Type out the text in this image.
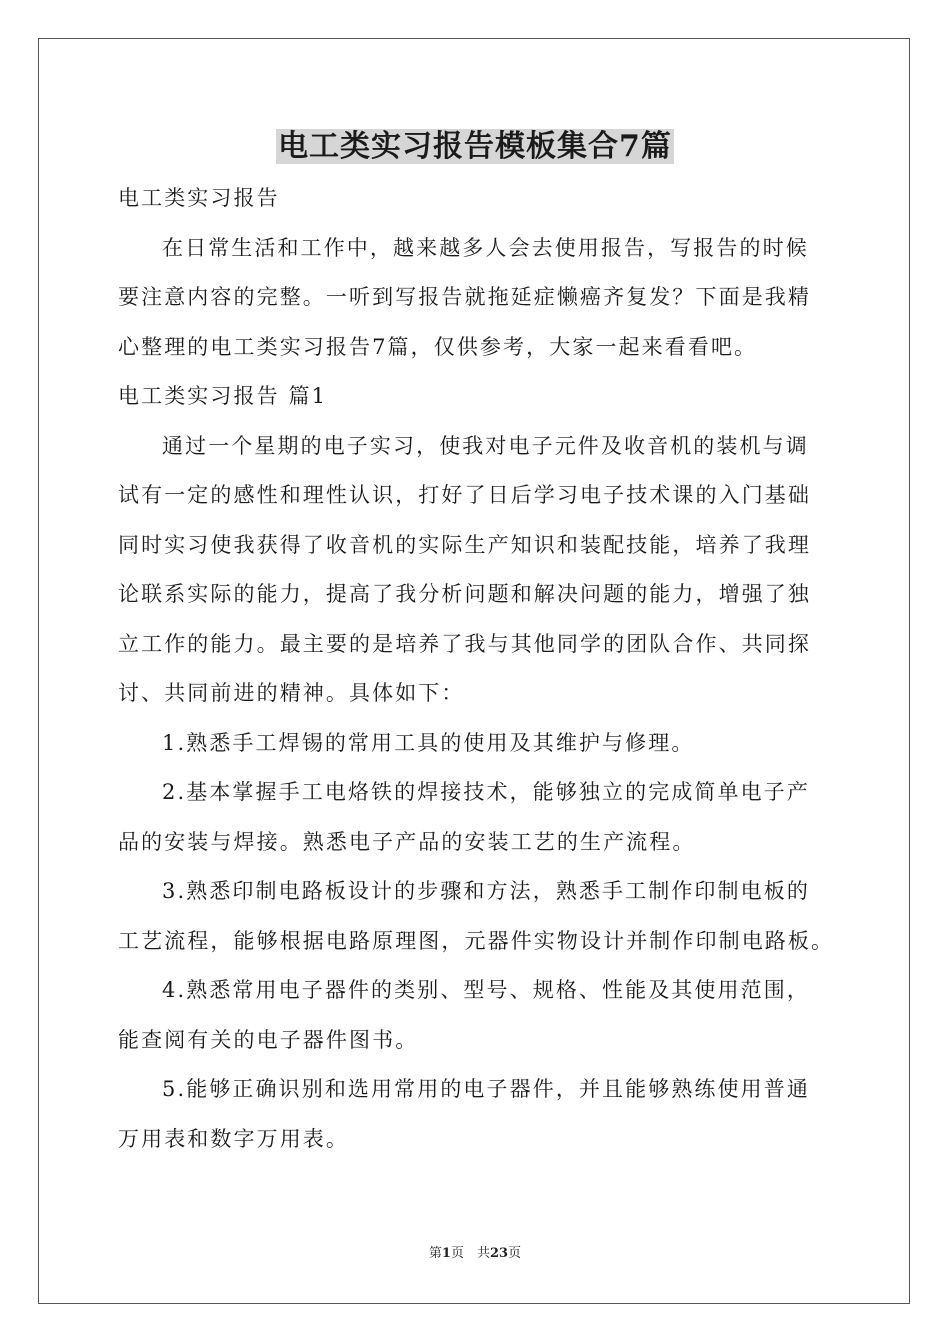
电工类实习报告模板集合7篇
电工类实习报告
在日常生活和工作中，越来越多人会去使用报告，写报告的时候
要注意内容的完整。一听到写报告就拖延症懒癌齐复发？下面是我精
心整理的电工类实习报告7篇，仅供参考，大家一起来看看吧。
电工类实习报告 篇1
通过一个星期的电子实习，使我对电子元件及收音机的装机与调
试有一定的感性和理性认识，打好了日后学习电子技术课的入门基础
同时实习使我获得了收音机的实际生产知识和装配技能，培养了我理
论联系实际的能力，提高了我分析问题和解决问题的能力，增强了独
立工作的能力。最主要的是培养了我与其他同学的团队合作、共同探
讨、共同前进的精神。具体如下：
1.熟悉手工焊锡的常用工具的使用及其维护与修理。
2.基本掌握手工电烙铁的焊接技术，能够独立的完成简单电子产
品的安装与焊接。熟悉电子产品的安装工艺的生产流程。
3.熟悉印制电路板设计的步骤和方法，熟悉手工制作印制电板的
工艺流程，能够根据电路原理图，元器件实物设计并制作印制电路板。
4.熟悉常用电子器件的类别、型号、规格、性能及其使用范围，
能查阅有关的电子器件图书。
5.能够正确识别和选用常用的电子器件，并且能够熟练使用普通
万用表和数字万用表。
第1页　共23页
